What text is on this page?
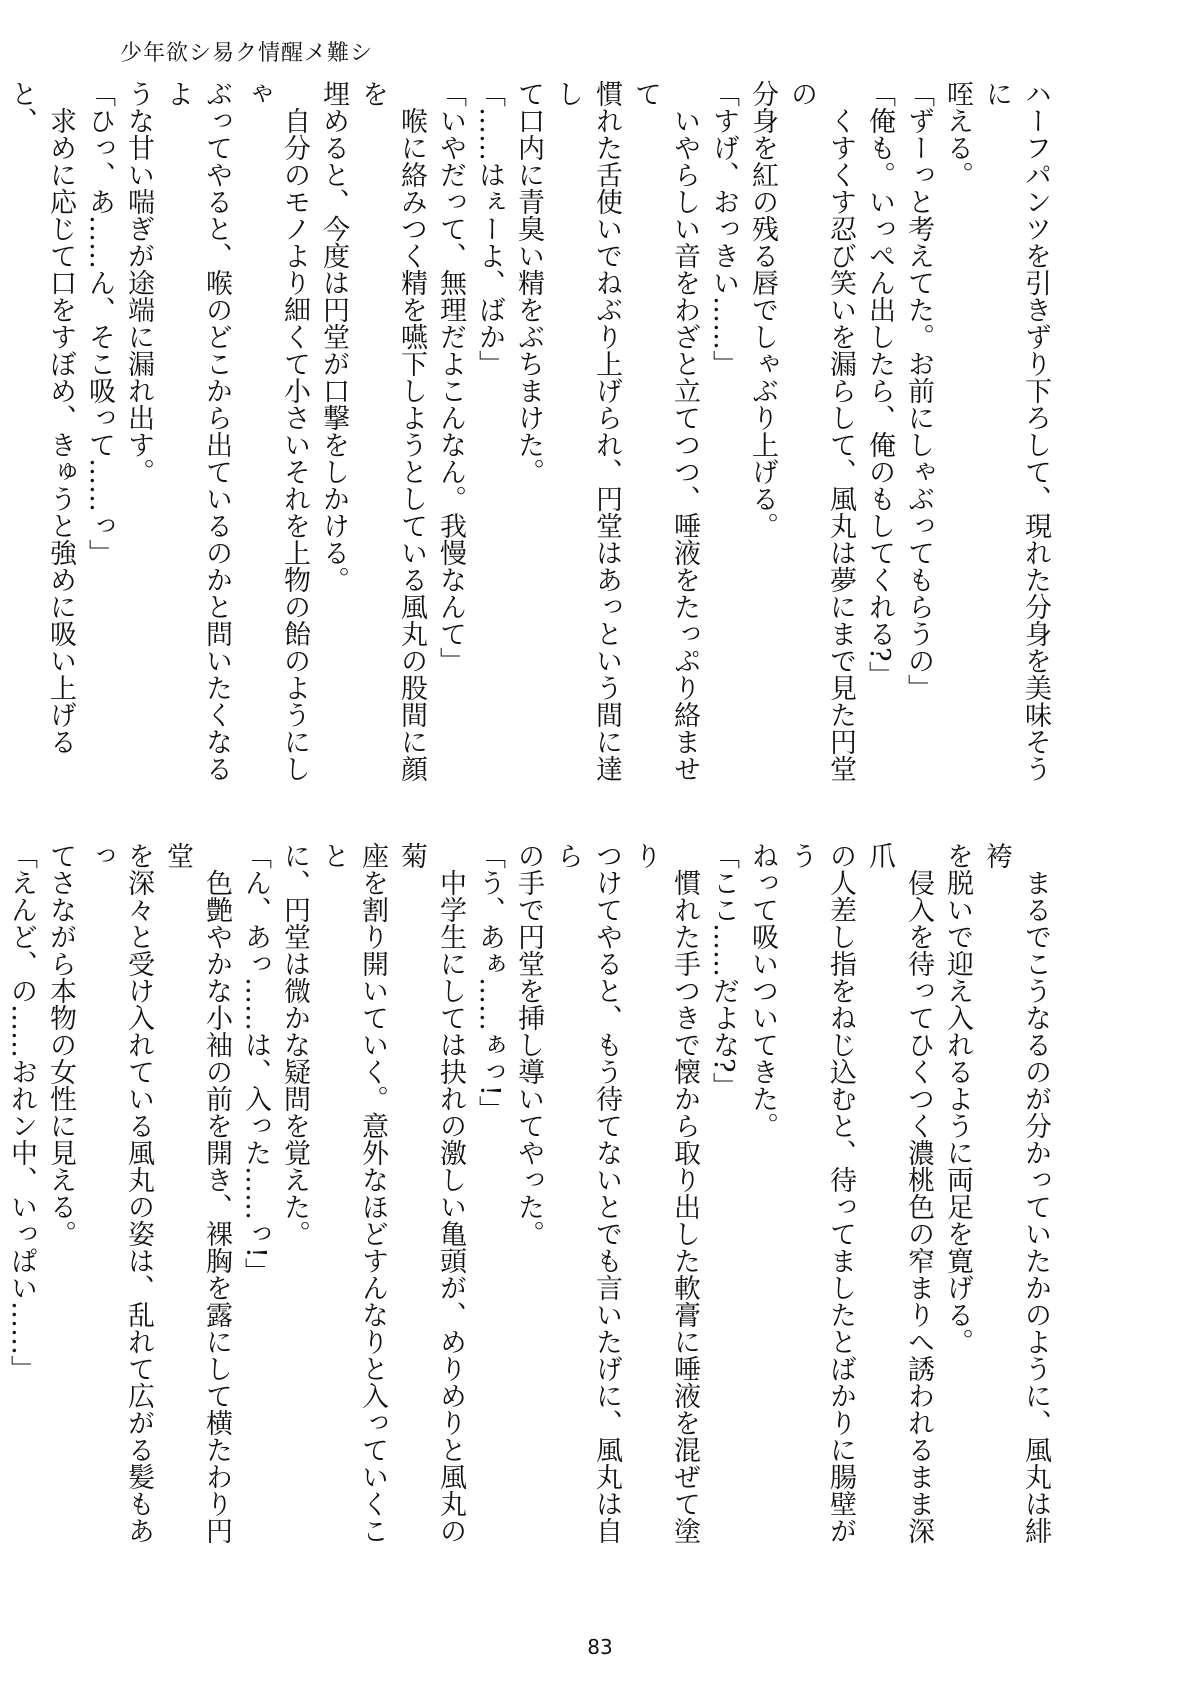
少年欲シ易ク情醒メ難シ

ハーフパンツを引きずり下ろして、現れた分身を美味そうに

咥える。

「ずーっと考えてた。お前にしゃぶってもらうの」

「俺も。いっぺん出したら、俺のもしてくれる?」

　くすくす忍び笑いを漏らして、風丸は夢にまで見た円堂の

分身を紅の残る唇でしゃぶり上げる。

「すげ、おっきい……」

　いやらしい音をわざと立てつつ、唾液をたっぷり絡ませて

慣れた舌使いでねぶり上げられ、円堂はあっという間に達し

て口内に青臭い精をぶちまけた。

「……はぇーよ、ばか」

「いやだって、無理だよこんなん。我慢なんて」

　喉に絡みつく精を嚥下しようとしている風丸の股間に顔を

埋めると、今度は円堂が口撃をしかける。

　自分のモノより細くて小さいそれを上物の飴のようにしゃ

ぶってやると、喉のどこから出ているのかと問いたくなるよ

うな甘い喘ぎが途端に漏れ出す。

「ひっ、あ……ん、そこ吸って……っ」

　求めに応じて口をすぼめ、きゅうと強めに吸い上げると、

　まるでこうなるのが分かっていたかのように、風丸は緋袴

を脱いで迎え入れるように両足を寛げる。

　侵入を待ってひくつく濃桃色の窄まりへ誘われるまま深爪

の人差し指をねじ込むと、待ってましたとばかりに腸壁がう

ねって吸いついてきた。

「ここ……だよな?」

　慣れた手つきで懐から取り出した軟膏に唾液を混ぜて塗り

つけてやると、もう待てないとでも言いたげに、風丸は自ら

の手で円堂を挿し導いてやった。

「う、あぁ……ぁっ!」

　中学生にしては抉れの激しい亀頭が、めりめりと風丸の菊

座を割り開いていく。意外なほどすんなりと入っていくこと

に、円堂は微かな疑問を覚えた。

「ん、あっ……は、入った……っ!」

　色艶やかな小袖の前を開き、裸胸を露にして横たわり円堂

を深々と受け入れている風丸の姿は、乱れて広がる髪もあっ

てさながら本物の女性に見える。

「えんど、の……おれン中、いっぱい……」

83
